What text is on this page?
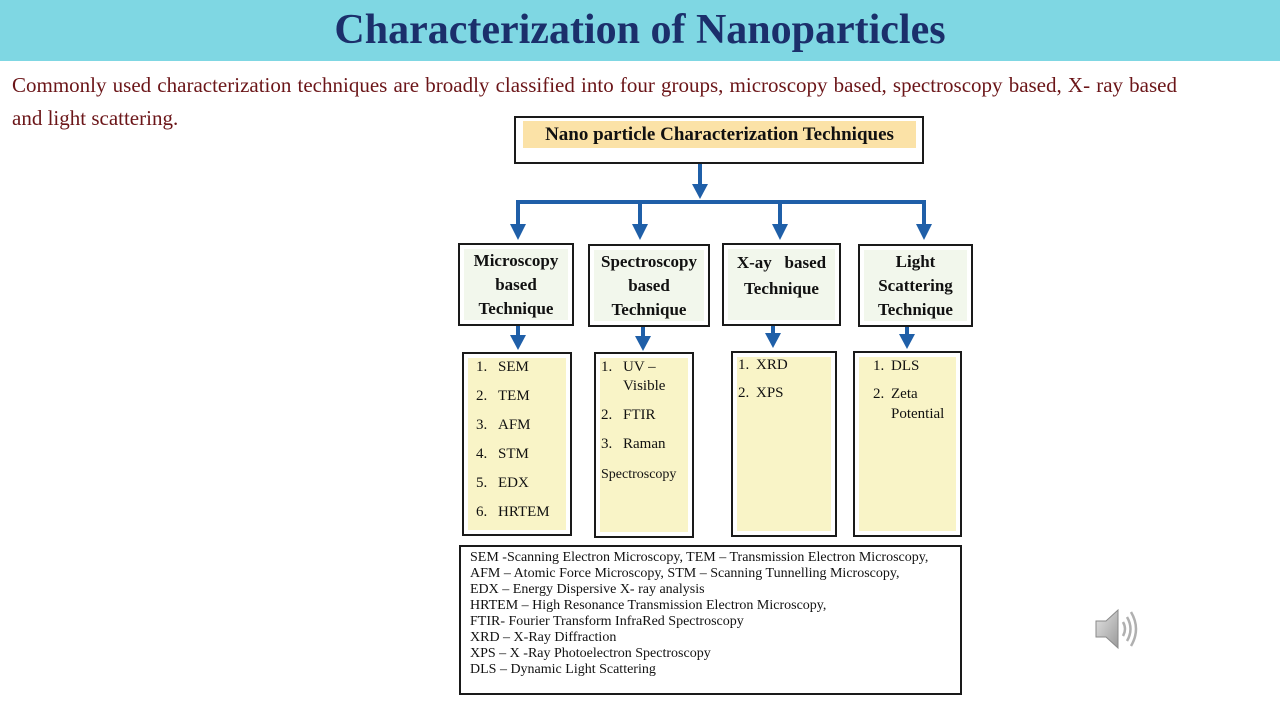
Characterization of Nanoparticles
Commonly used characterization techniques are broadly classified into four groups, microscopy based, spectroscopy based, X- ray based and light scattering.
Nano particle Characterization Techniques
Microscopy
based
Technique
Spectroscopy
based
Technique
X-ay   based
Technique
Light
Scattering
Technique
1. SEM
2. TEM
3. AFM
4. STM
5. EDX
6. HRTEM
1. UV –
Visible
2. FTIR
3. Raman
Spectroscopy
1. XRD
2. XPS
1. DLS
2. Zeta
Potential
SEM -Scanning Electron Microscopy, TEM – Transmission Electron Microscopy,
AFM – Atomic Force Microscopy, STM – Scanning Tunnelling Microscopy,
EDX – Energy Dispersive X- ray analysis
HRTEM – High Resonance Transmission Electron Microscopy,
FTIR- Fourier Transform InfraRed Spectroscopy
XRD – X-Ray Diffraction
XPS – X -Ray Photoelectron Spectroscopy
DLS – Dynamic Light Scattering
